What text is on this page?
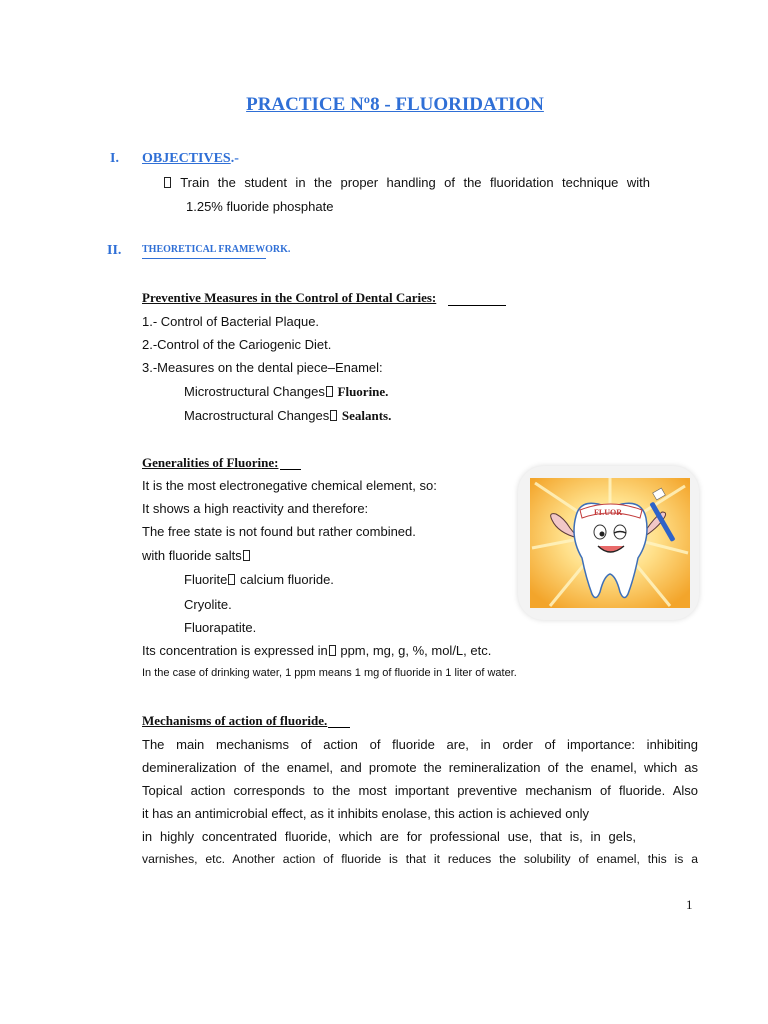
PRACTICE Nº8 - FLUORIDATION
I. OBJECTIVES.-
Train the student in the proper handling of the fluoridation technique with
1.25% fluoride phosphate
II. THEORETICAL FRAMEWORK.
Preventive Measures in the Control of Dental Caries:
1.- Control of Bacterial Plaque.
2.-Control of the Cariogenic Diet.
3.-Measures on the dental piece–Enamel:
Microstructural Changes Fluorine.
Macrostructural Changes Sealants.
Generalities of Fluorine:
It is the most electronegative chemical element, so:
It shows a high reactivity and therefore:
The free state is not found but rather combined.
with fluoride salts
Fluorite calcium fluoride.
Cryolite.
Fluorapatite.
Its concentration is expressed in ppm, mg, g, %, mol/L, etc.
In the case of drinking water, 1 ppm means 1 mg of fluoride in 1 liter of water.
FLUOR
Mechanisms of action of fluoride.
The main mechanisms of action of fluoride are, in order of importance: inhibiting
demineralization of the enamel, and promote the remineralization of the enamel, which as
Topical action corresponds to the most important preventive mechanism of fluoride. Also
it has an antimicrobial effect, as it inhibits enolase, this action is achieved only
in highly concentrated fluoride, which are for professional use, that is, in gels,
varnishes, etc. Another action of fluoride is that it reduces the solubility of enamel, this is a
1
